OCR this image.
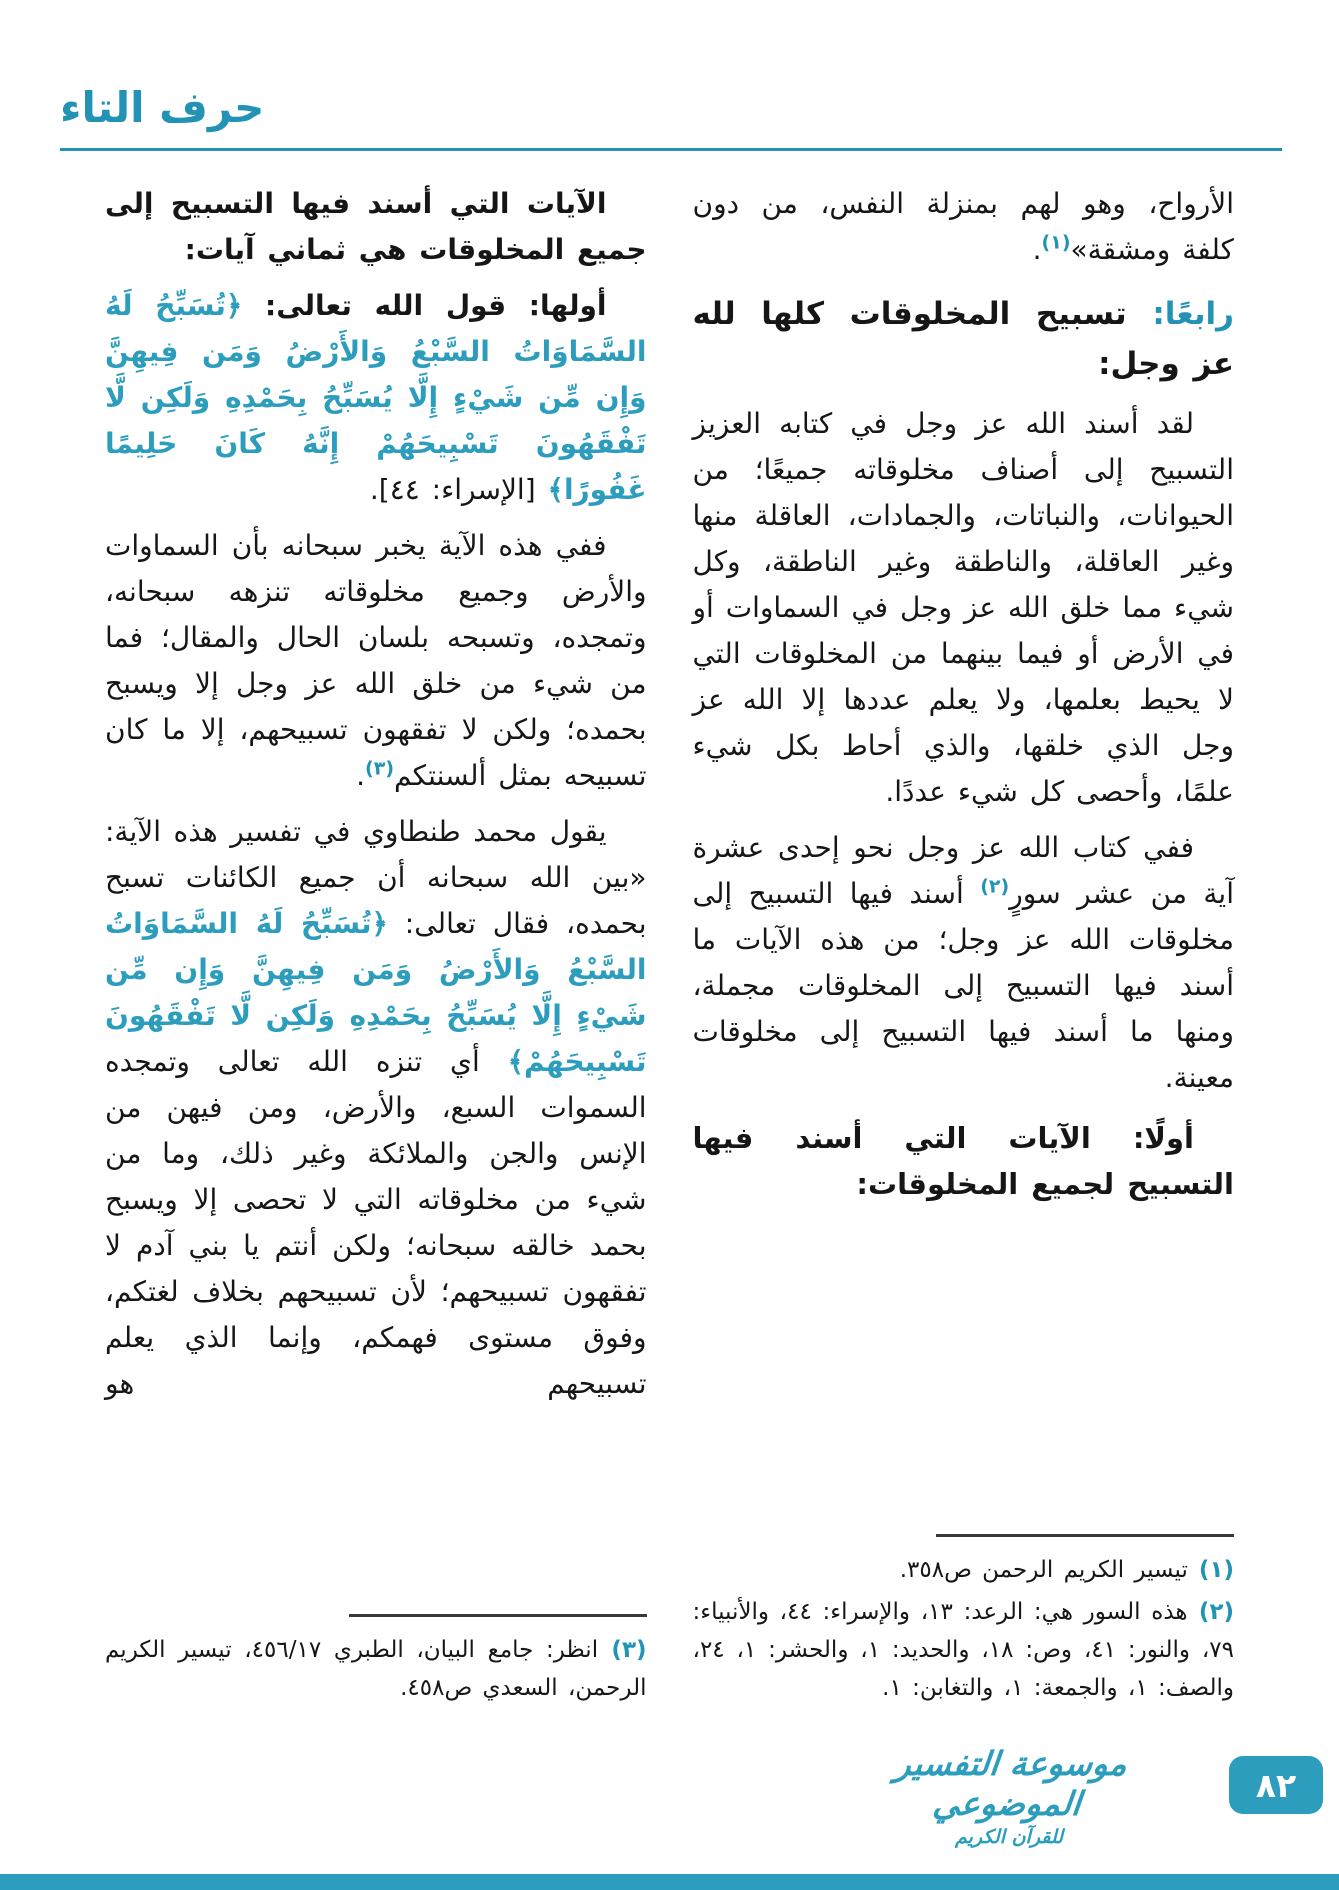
حرف التاء

الأرواح، وهو لهم بمنزلة النفس، من دون كلفة ومشقة»$^{(١)}$.

رابعًا: تسبيح المخلوقات كلها لله عز وجل:

لقد أسند الله عز وجل في كتابه العزيز التسبيح إلى أصناف مخلوقاته جميعًا؛ من الحيوانات، والنباتات، والجمادات، العاقلة منها وغير العاقلة، والناطقة وغير الناطقة، وكل شيء مما خلق الله عز وجل في السماوات أو في الأرض أو فيما بينهما من المخلوقات التي لا يحيط بعلمها، ولا يعلم عددها إلا الله عز وجل الذي خلقها، والذي أحاط بكل شيء علمًا، وأحصى كل شيء عددًا.

ففي كتاب الله عز وجل نحو إحدى عشرة آية من عشر سورٍ$^{(٢)}$ أسند فيها التسبيح إلى مخلوقات الله عز وجل؛ من هذه الآيات ما أسند فيها التسبيح إلى المخلوقات مجملة، ومنها ما أسند فيها التسبيح إلى مخلوقات معينة.

أولًا: الآيات التي أسند فيها التسبيح لجميع المخلوقات:

(١) تيسير الكريم الرحمن ص٣٥٨.

(٢) هذه السور هي: الرعد: ١٣، والإسراء: ٤٤، والأنبياء: ٧٩، والنور: ٤١، وص: ١٨، والحديد: ١، والحشر: ١، ٢٤، والصف: ١، والجمعة: ١، والتغابن: ١.

الآيات التي أسند فيها التسبيح إلى جميع المخلوقات هي ثماني آيات:

أولها: قول الله تعالى: ﴿تُسَبِّحُ لَهُ السَّمَاوَاتُ السَّبْعُ وَالأَرْضُ وَمَن فِيهِنَّ وَإِن مِّن شَيْءٍ إِلَّا يُسَبِّحُ بِحَمْدِهِ وَلَكِن لَّا تَفْقَهُونَ تَسْبِيحَهُمْ إِنَّهُ كَانَ حَلِيمًا غَفُورًا﴾ [الإسراء: ٤٤].

ففي هذه الآية يخبر سبحانه بأن السماوات والأرض وجميع مخلوقاته تنزهه سبحانه، وتمجده، وتسبحه بلسان الحال والمقال؛ فما من شيء من خلق الله عز وجل إلا ويسبح بحمده؛ ولكن لا تفقهون تسبيحهم، إلا ما كان تسبيحه بمثل ألسنتكم$^{(٣)}$.

يقول محمد طنطاوي في تفسير هذه الآية: «بين الله سبحانه أن جميع الكائنات تسبح بحمده، فقال تعالى: ﴿تُسَبِّحُ لَهُ السَّمَاوَاتُ السَّبْعُ وَالأَرْضُ وَمَن فِيهِنَّ وَإِن مِّن شَيْءٍ إِلَّا يُسَبِّحُ بِحَمْدِهِ وَلَكِن لَّا تَفْقَهُونَ تَسْبِيحَهُمْ﴾ أي تنزه الله تعالى وتمجده السموات السبع، والأرض، ومن فيهن من الإنس والجن والملائكة وغير ذلك، وما من شيء من مخلوقاته التي لا تحصى إلا ويسبح بحمد خالقه سبحانه؛ ولكن أنتم يا بني آدم لا تفقهون تسبيحهم؛ لأن تسبيحهم بخلاف لغتكم، وفوق مستوى فهمكم، وإنما الذي يعلم تسبيحهم هو

(٣) انظر: جامع البيان، الطبري ٤٥٦/١٧، تيسير الكريم الرحمن، السعدي ص٤٥٨.

موسوعة التفسير الموضوعي
للقرآن الكريم
٨٢
